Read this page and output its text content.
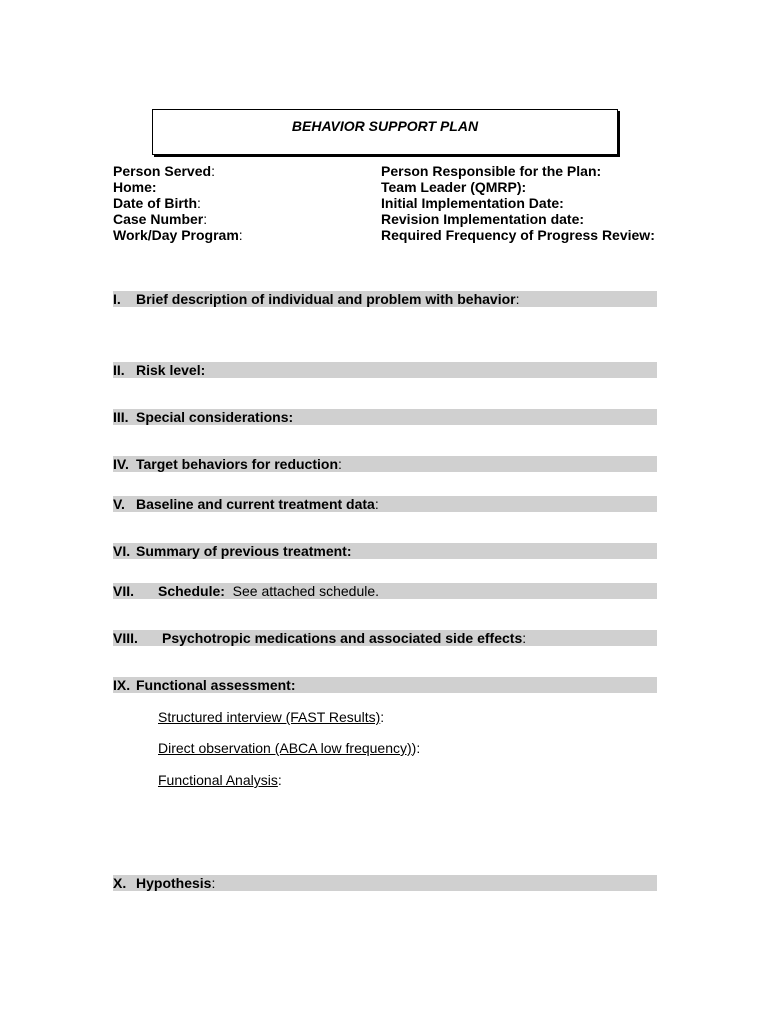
BEHAVIOR SUPPORT PLAN
Person Served:
Home:
Date of Birth:
Case Number:
Work/Day Program:
Person Responsible for the Plan:
Team Leader (QMRP):
Initial Implementation Date:
Revision Implementation date:
Required Frequency of Progress Review:
I. Brief description of individual and problem with behavior:
II. Risk level:
III. Special considerations:
IV. Target behaviors for reduction:
V. Baseline and current treatment data:
VI. Summary of previous treatment:
VII. Schedule:  See attached schedule.
VIII. Psychotropic medications and associated side effects:
IX. Functional assessment:
Structured interview (FAST Results):
Direct observation (ABCA low frequency)):
Functional Analysis:
X. Hypothesis:
